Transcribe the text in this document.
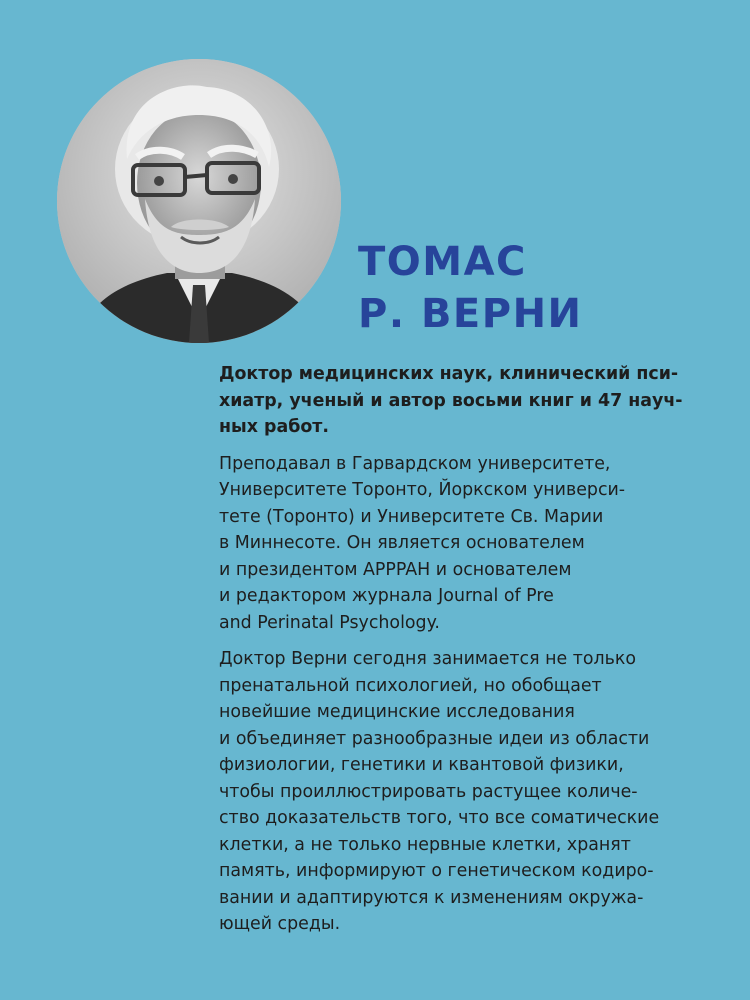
ТОМАС
Р. ВЕРНИ

Доктор медицинских наук, клинический пси-
хиатр, ученый и автор восьми книг и 47 науч-
ных работ.

Преподавал в Гарвардском университете,
Университете Торонто, Йоркском универси-
тете (Торонто) и Университете Св. Марии
в Миннесоте. Он является основателем
и президентом APPPAH и основателем
и редактором журнала Journal of Pre
and Perinatal Psychology.

Доктор Верни сегодня занимается не только
пренатальной психологией, но обобщает
новейшие медицинские исследования
и объединяет разнообразные идеи из области
физиологии, генетики и квантовой физики,
чтобы проиллюстрировать растущее количе-
ство доказательств того, что все соматические
клетки, а не только нервные клетки, хранят
память, информируют о генетическом кодиро-
вании и адаптируются к изменениям окружа-
ющей среды.
